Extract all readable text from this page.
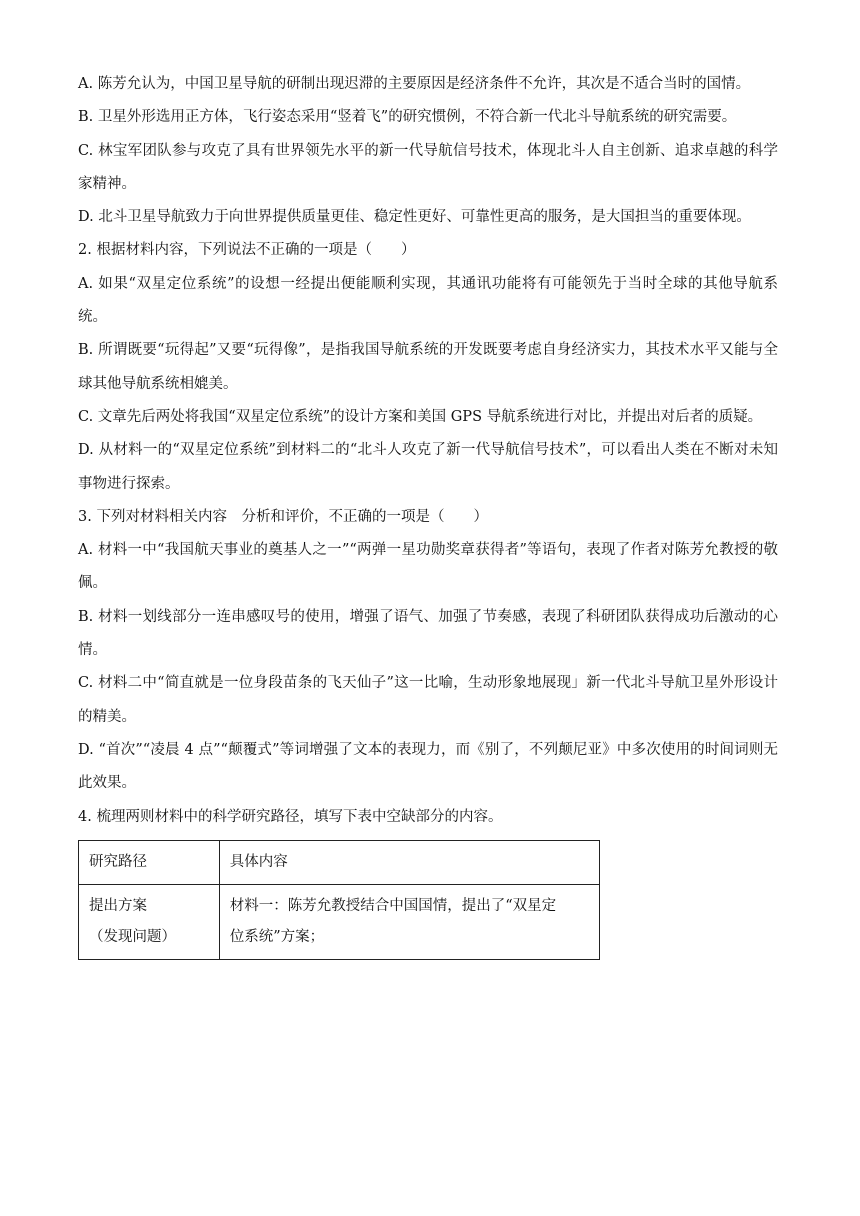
A. 陈芳允认为，中国卫星导航的研制出现迟滞的主要原因是经济条件不允许，其次是不适合当时的国情。

B. 卫星外形选用正方体，飞行姿态采用“竖着飞”的研究惯例，不符合新一代北斗导航系统的研究需要。

C. 林宝军团队参与攻克了具有世界领先水平的新一代导航信号技术，体现北斗人自主创新、追求卓越的科学家精神。

D. 北斗卫星导航致力于向世界提供质量更佳、稳定性更好、可靠性更高的服务，是大国担当的重要体现。

2. 根据材料内容，下列说法不正确的一项是（　　）

A. 如果“双星定位系统”的设想一经提出便能顺利实现，其通讯功能将有可能领先于当时全球的其他导航系统。

B. 所谓既要“玩得起”又要“玩得像”，是指我国导航系统的开发既要考虑自身经济实力，其技术水平又能与全球其他导航系统相媲美。

C. 文章先后两处将我国“双星定位系统”的设计方案和美国 GPS 导航系统进行对比，并提出对后者的质疑。

D. 从材料一的“双星定位系统”到材料二的“北斗人攻克了新一代导航信号技术”，可以看出人类在不断对未知事物进行探索。

3. 下列对材料相关内容　分析和评价，不正确的一项是（　　）

A. 材料一中“我国航天事业的奠基人之一”“两弹一星功勋奖章获得者”等语句，表现了作者对陈芳允教授的敬佩。

B. 材料一划线部分一连串感叹号的使用，增强了语气、加强了节奏感，表现了科研团队获得成功后激动的心情。

C. 材料二中“简直就是一位身段苗条的飞天仙子”这一比喻，生动形象地展现」新一代北斗导航卫星外形设计的精美。

D. “首次”“凌晨 4 点”“颠覆式”等词增强了文本的表现力，而《别了，不列颠尼亚》中多次使用的时间词则无此效果。

4. 梳理两则材料中的科学研究路径，填写下表中空缺部分的内容。

研究路径	具体内容

提出方案
（发现问题）	材料一：陈芳允教授结合中国国情，提出了“双星定
位系统”方案；
